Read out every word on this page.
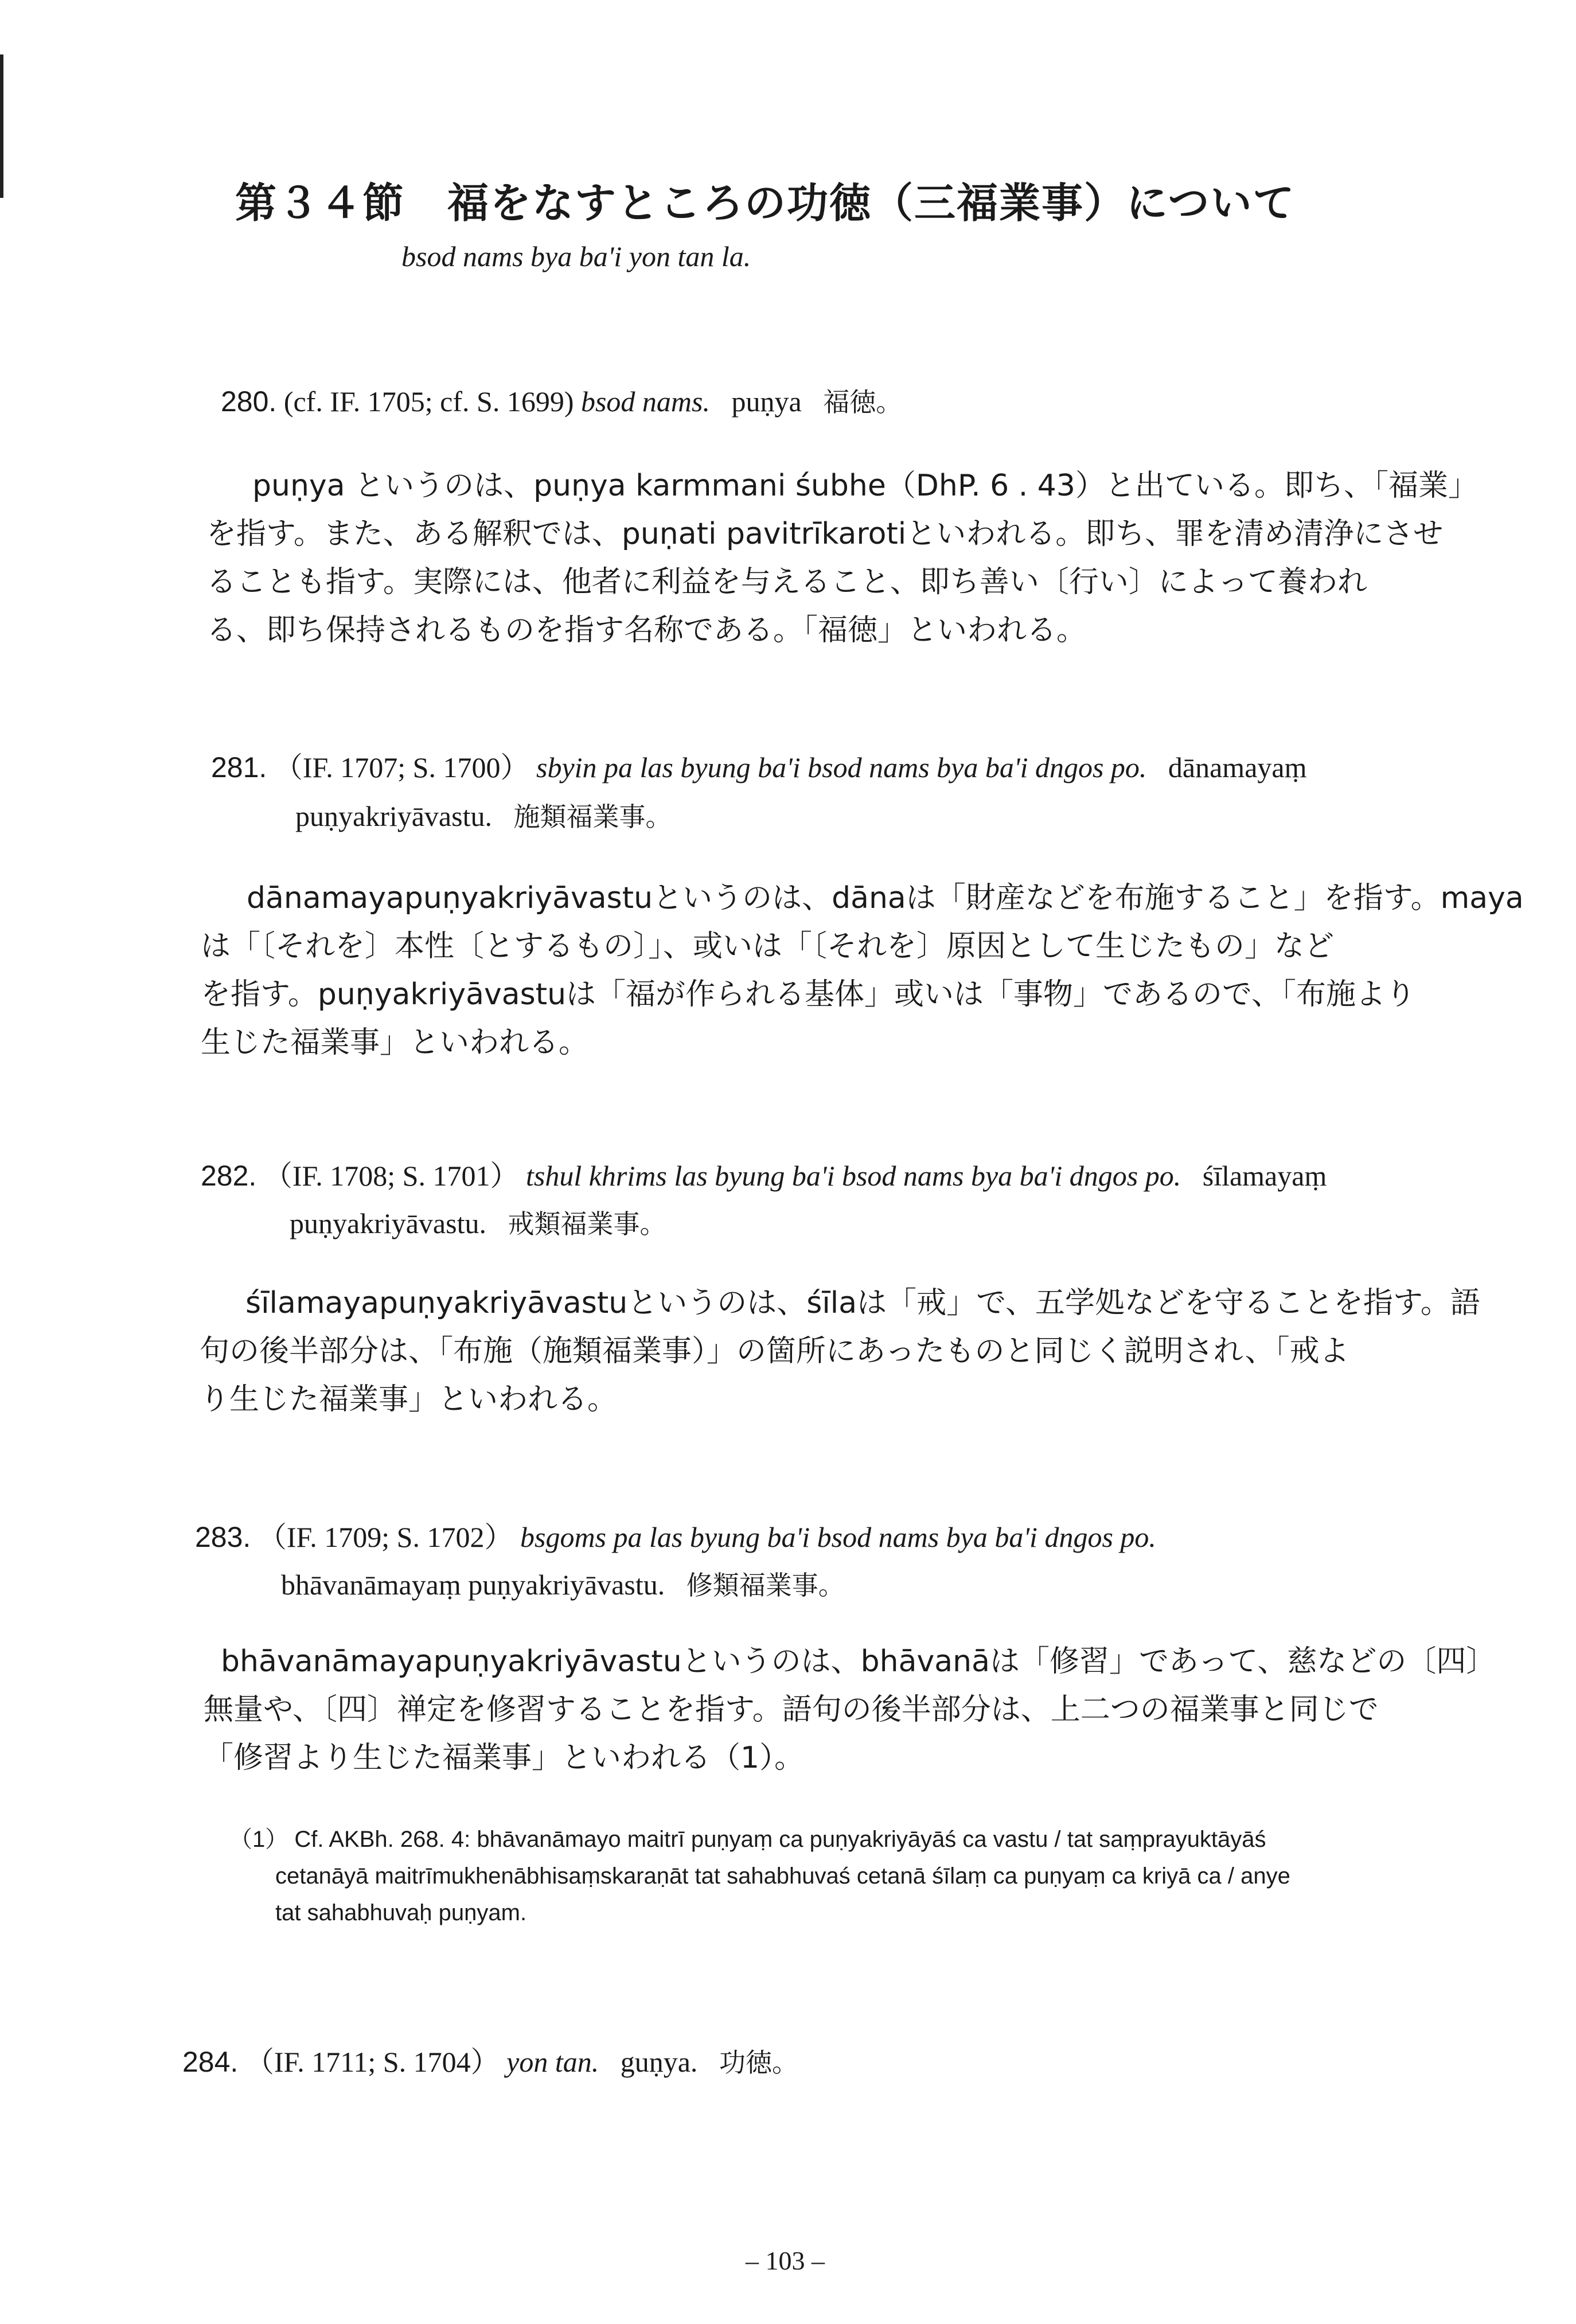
第３４節　福をなすところの功徳（三福業事）について
bsod nams bya ba'i yon tan la.
280. (cf. IF. 1705; cf. S. 1699) bsod nams. puṇya 福徳。
puṇya というのは、puṇya karmmani śubhe（DhP. 6 . 43）と出ている。即ち、「福業」
を指す。また、ある解釈では、puṇati pavitrīkarotiといわれる。即ち、罪を清め清浄にさせ
ることも指す。実際には、他者に利益を与えること、即ち善い〔行い〕によって養われ
る、即ち保持されるものを指す名称である。「福徳」といわれる。
281. （IF. 1707; S. 1700） sbyin pa las byung ba'i bsod nams bya ba'i dngos po. dānamayaṃ
puṇyakriyāvastu. 施類福業事。
dānamayapuṇyakriyāvastuというのは、dānaは「財産などを布施すること」を指す。maya
は「〔それを〕本性〔とするもの〕」、或いは「〔それを〕原因として生じたもの」など
を指す。puṇyakriyāvastuは「福が作られる基体」或いは「事物」であるので、「布施より
生じた福業事」といわれる。
282. （IF. 1708; S. 1701） tshul khrims las byung ba'i bsod nams bya ba'i dngos po. śīlamayaṃ
puṇyakriyāvastu. 戒類福業事。
śīlamayapuṇyakriyāvastuというのは、śīlaは「戒」で、五学処などを守ることを指す。語
句の後半部分は、「布施（施類福業事）」の箇所にあったものと同じく説明され、「戒よ
り生じた福業事」といわれる。
283. （IF. 1709; S. 1702） bsgoms pa las byung ba'i bsod nams bya ba'i dngos po.
bhāvanāmayaṃ puṇyakriyāvastu. 修類福業事。
bhāvanāmayapuṇyakriyāvastuというのは、bhāvanāは「修習」であって、慈などの〔四〕
無量や、〔四〕禅定を修習することを指す。語句の後半部分は、上二つの福業事と同じで
「修習より生じた福業事」といわれる（1）。
（1） Cf. AKBh. 268. 4: bhāvanāmayo maitrī puṇyaṃ ca puṇyakriyāyāś ca vastu / tat saṃprayuktāyāś
cetanāyā maitrīmukhenābhisaṃskaraṇāt tat sahabhuvaś cetanā śīlaṃ ca puṇyaṃ ca kriyā ca / anye
tat sahabhuvaḥ puṇyam.
284. （IF. 1711; S. 1704） yon tan. guṇya. 功徳。
– 103 –
